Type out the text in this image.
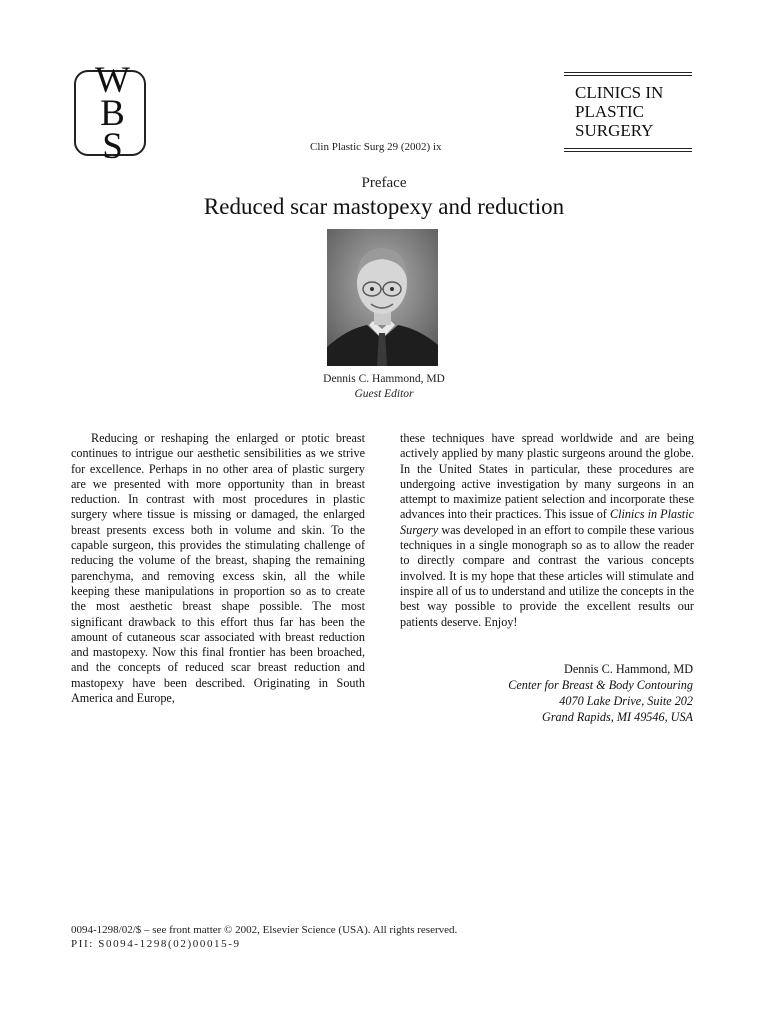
W
B
S
CLINICS IN
PLASTIC
SURGERY
Clin Plastic Surg 29 (2002) ix
Preface
Reduced scar mastopexy and reduction
Dennis C. Hammond, MD
Guest Editor

Reducing or reshaping the enlarged or ptotic breast continues to intrigue our aesthetic sensibilities as we strive for excellence. Perhaps in no other area of plastic surgery are we presented with more opportunity than in breast reduction. In contrast with most procedures in plastic surgery where tissue is missing or damaged, the enlarged breast presents excess both in volume and skin. To the capable surgeon, this provides the stimulating challenge of reducing the volume of the breast, shaping the remaining parenchyma, and removing excess skin, all the while keeping these manipulations in proportion so as to create the most aesthetic breast shape possible. The most significant drawback to this effort thus far has been the amount of cutaneous scar associated with breast reduction and mastopexy. Now this final frontier has been broached, and the concepts of reduced scar breast reduction and mastopexy have been described. Originating in South America and Europe,

these techniques have spread worldwide and are being actively applied by many plastic surgeons around the globe. In the United States in particular, these procedures are undergoing active investigation by many surgeons in an attempt to maximize patient selection and incorporate these advances into their practices. This issue of Clinics in Plastic Surgery was developed in an effort to compile these various techniques in a single monograph so as to allow the reader to directly compare and contrast the various concepts involved. It is my hope that these articles will stimulate and inspire all of us to understand and utilize the concepts in the best way possible to provide the excellent results our patients deserve. Enjoy!

Dennis C. Hammond, MD
Center for Breast & Body Contouring
4070 Lake Drive, Suite 202
Grand Rapids, MI 49546, USA
0094-1298/02/$ – see front matter © 2002, Elsevier Science (USA). All rights reserved.
PII: S0094-1298(02)00015-9
